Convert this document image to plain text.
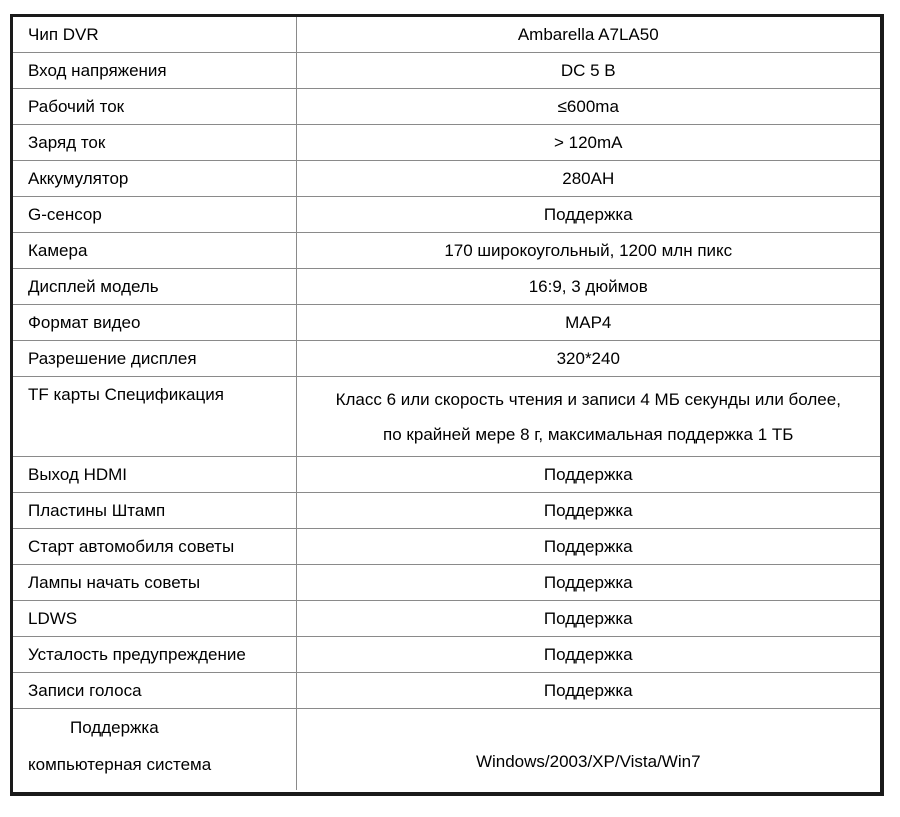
Чип DVR	Ambarella A7LA50
Вход напряжения	DC 5 В
Рабочий ток	≤600ma
Заряд ток	> 120mA
Аккумулятор	280AH
G-сенсор	Поддержка
Камера	170 широкоугольный, 1200 млн пикс
Дисплей модель	16:9, 3 дюймов
Формат видео	MAP4
Разрешение дисплея	320*240
TF карты Спецификация	Класс 6 или скорость чтения и записи 4 МБ секунды или более,
по крайней мере 8 г, максимальная поддержка 1 ТБ

Выход HDMI	Поддержка
Пластины Штамп	Поддержка
Старт автомобиля советы	Поддержка
Лампы начать советы	Поддержка
LDWS	Поддержка
Усталость предупреждение	Поддержка
Записи голоса	Поддержка

Поддержка
компьютерная система	Windows/2003/XP/Vista/Win7
